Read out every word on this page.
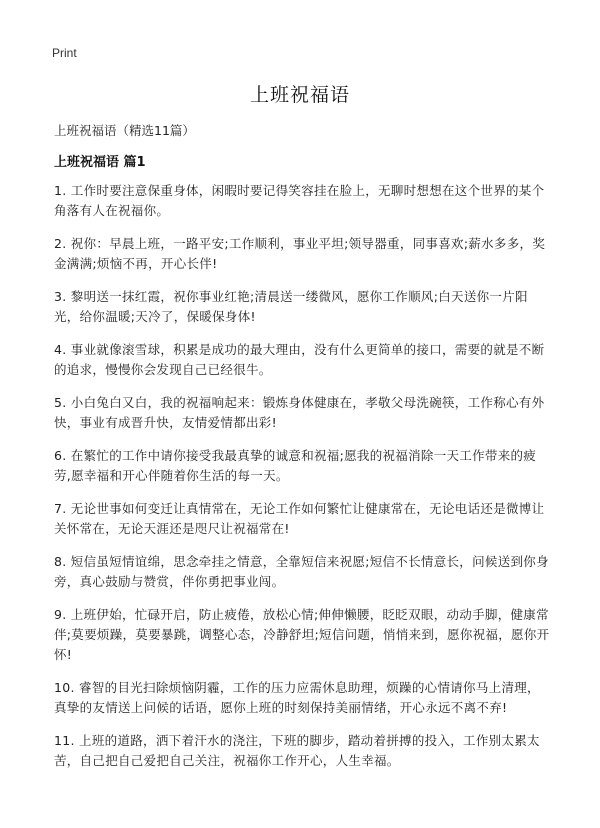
Print
上班祝福语
上班祝福语（精选11篇）
上班祝福语 篇1

1. 工作时要注意保重身体，闲暇时要记得笑容挂在脸上，无聊时想想在这个世界的某个角落有人在祝福你。

2. 祝你：早晨上班，一路平安;工作顺利，事业平坦;领导器重，同事喜欢;薪水多多，奖金满满;烦恼不再，开心长伴!

3. 黎明送一抹红霞，祝你事业红艳;清晨送一缕微风，愿你工作顺风;白天送你一片阳光，给你温暖;天冷了，保暖保身体!

4. 事业就像滚雪球，积累是成功的最大理由，没有什么更简单的接口，需要的就是不断的追求，慢慢你会发现自己已经很牛。

5. 小白兔白又白，我的祝福响起来：锻炼身体健康在，孝敬父母洗碗筷，工作称心有外快，事业有成晋升快，友情爱情都出彩!

6. 在繁忙的工作中请你接受我最真挚的诚意和祝福;愿我的祝福消除一天工作带来的疲劳,愿幸福和开心伴随着你生活的每一天。

7. 无论世事如何变迁让真情常在，无论工作如何繁忙让健康常在，无论电话还是微博让关怀常在，无论天涯还是咫尺让祝福常在!

8. 短信虽短情谊绵，思念牵挂之情意，全靠短信来祝愿;短信不长情意长，问候送到你身旁，真心鼓励与赞赏，伴你勇把事业闯。

9. 上班伊始，忙碌开启，防止疲倦，放松心情;伸伸懒腰，眨眨双眼，动动手脚，健康常伴;莫要烦躁，莫要暴跳，调整心态，冷静舒坦;短信问题，悄悄来到，愿你祝福，愿你开怀!

10. 睿智的目光扫除烦恼阴霾，工作的压力应需休息助理，烦躁的心情请你马上清理，真挚的友情送上问候的话语，愿你上班的时刻保持美丽情绪，开心永远不离不弃!

11. 上班的道路，洒下着汗水的浇注，下班的脚步，踏动着拼搏的投入，工作别太累太苦，自己把自己爱把自己关注，祝福你工作开心，人生幸福。
